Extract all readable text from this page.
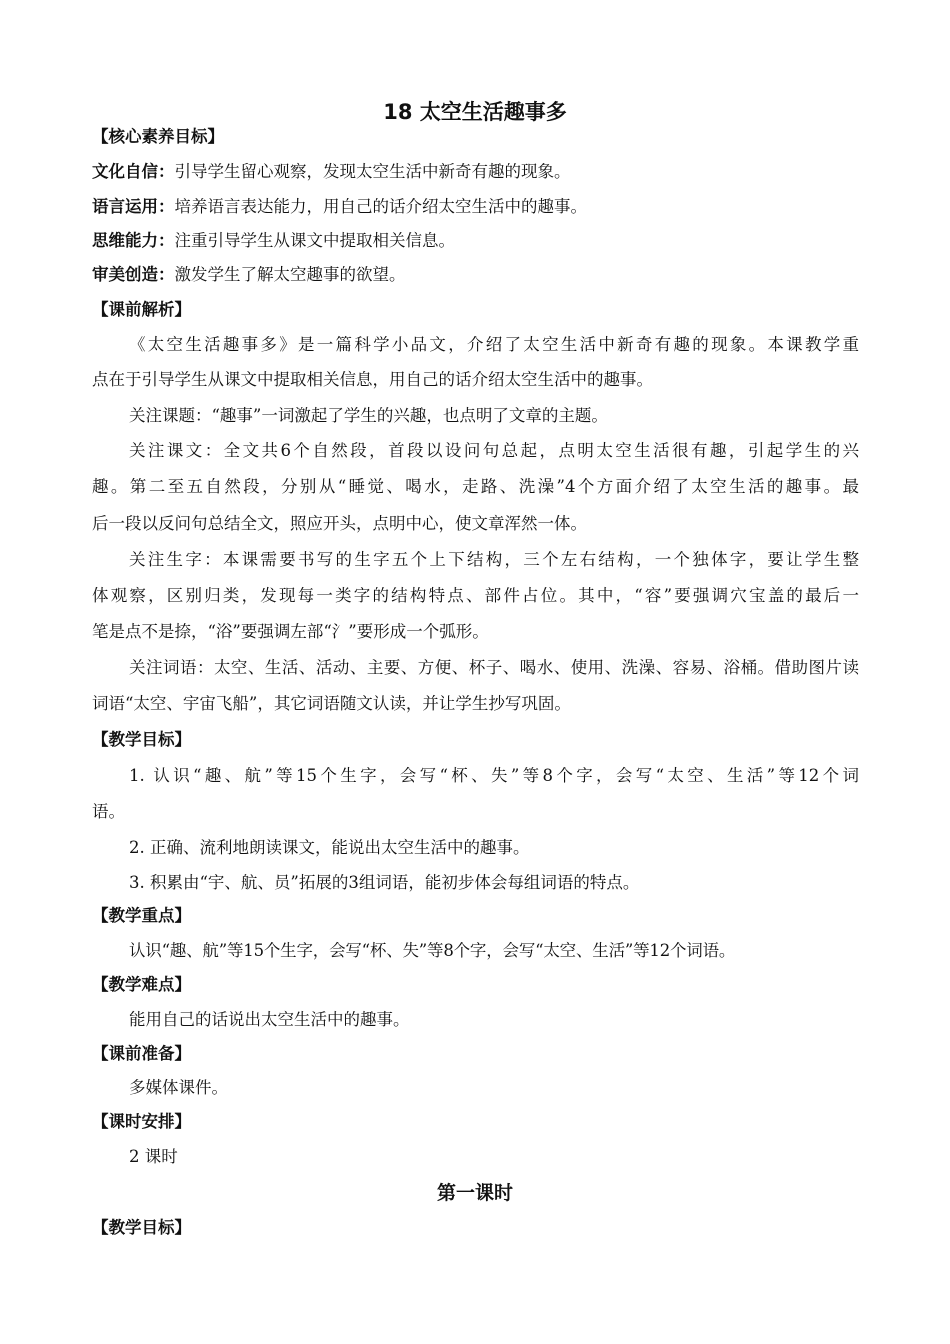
18 太空生活趣事多
【核心素养目标】
文化自信：引导学生留心观察，发现太空生活中新奇有趣的现象。
语言运用：培养语言表达能力，用自己的话介绍太空生活中的趣事。
思维能力：注重引导学生从课文中提取相关信息。
审美创造：激发学生了解太空趣事的欲望。
【课前解析】
《太空生活趣事多》是一篇科学小品文，介绍了太空生活中新奇有趣的现象。本课教学重
点在于引导学生从课文中提取相关信息，用自己的话介绍太空生活中的趣事。
关注课题：“趣事”一词激起了学生的兴趣，也点明了文章的主题。
关注课文：全文共6个自然段，首段以设问句总起，点明太空生活很有趣，引起学生的兴
趣。第二至五自然段，分别从“睡觉、喝水，走路、洗澡”4个方面介绍了太空生活的趣事。最
后一段以反问句总结全文，照应开头，点明中心，使文章浑然一体。
关注生字：本课需要书写的生字五个上下结构，三个左右结构，一个独体字，要让学生整
体观察，区别归类，发现每一类字的结构特点、部件占位。其中，“容”要强调穴宝盖的最后一
笔是点不是捺，“浴”要强调左部“氵”要形成一个弧形。
关注词语：太空、生活、活动、主要、方便、杯子、喝水、使用、洗澡、容易、浴桶。借助图片读
词语“太空、宇宙飞船”，其它词语随文认读，并让学生抄写巩固。
【教学目标】
1. 认识“趣、航”等15个生字，会写“杯、失”等8个字，会写“太空、生活”等12个词
语。
2. 正确、流利地朗读课文，能说出太空生活中的趣事。
3. 积累由“宇、航、员”拓展的3组词语，能初步体会每组词语的特点。
【教学重点】
认识“趣、航”等15个生字，会写“杯、失”等8个字，会写“太空、生活”等12个词语。
【教学难点】
能用自己的话说出太空生活中的趣事。
【课前准备】
多媒体课件。
【课时安排】
2 课时
第一课时
【教学目标】
